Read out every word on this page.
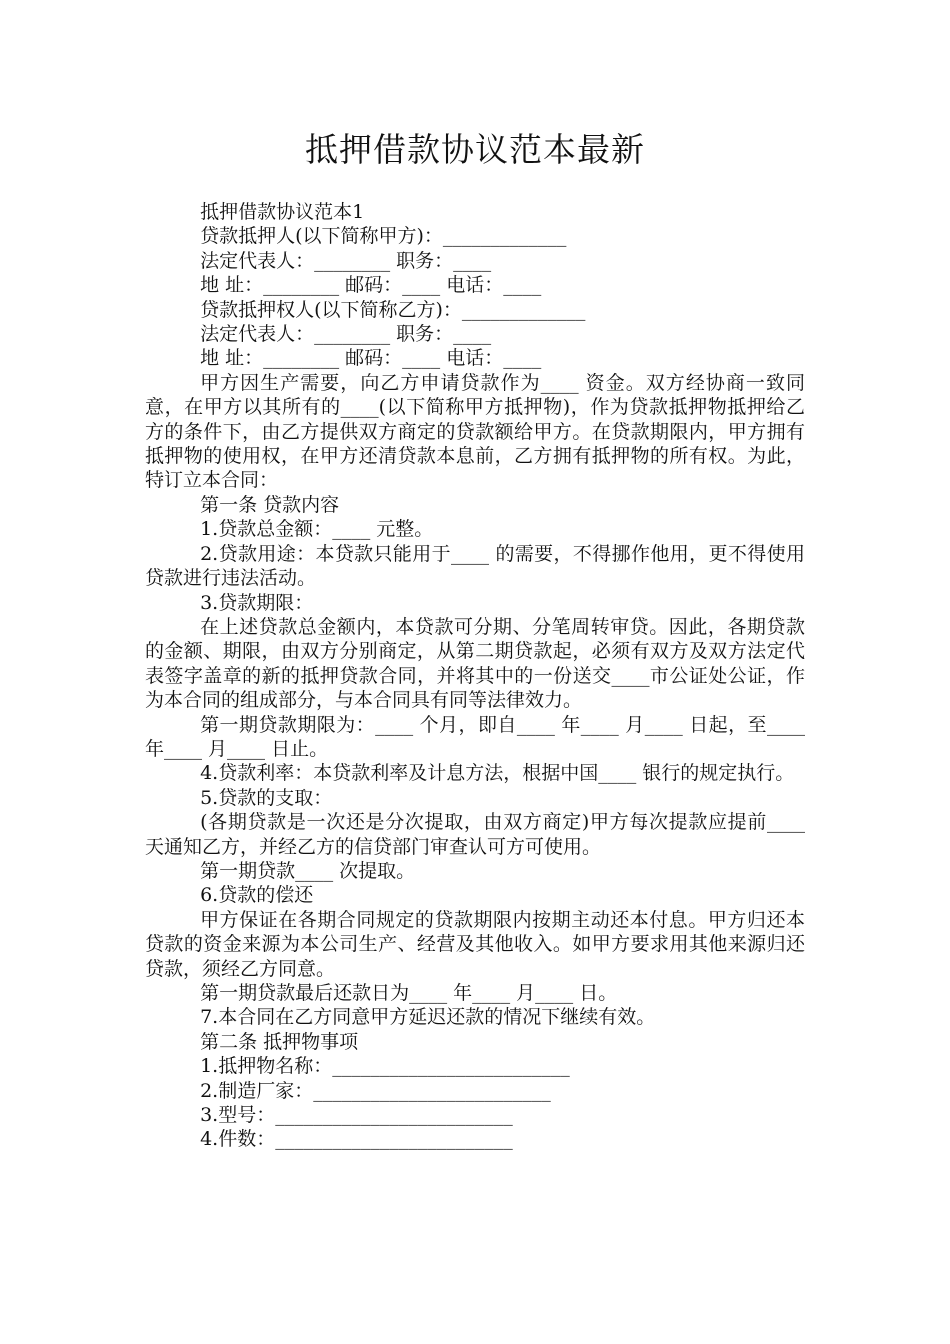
抵押借款协议范本最新

抵押借款协议范本1

贷款抵押人(以下简称甲方)：_____________

法定代表人：________ 职务：____

地 址：________ 邮码：____ 电话：____

贷款抵押权人(以下简称乙方)：_____________

法定代表人：________ 职务：____

地 址：________ 邮码：____ 电话：____

甲方因生产需要，向乙方申请贷款作为____ 资金。双方经协商一致同意，在甲方以其所有的____(以下简称甲方抵押物)，作为贷款抵押物抵押给乙方的条件下，由乙方提供双方商定的贷款额给甲方。在贷款期限内，甲方拥有抵押物的使用权，在甲方还清贷款本息前，乙方拥有抵押物的所有权。为此，特订立本合同：

第一条 贷款内容

1.贷款总金额：____ 元整。

2.贷款用途：本贷款只能用于____ 的需要，不得挪作他用，更不得使用贷款进行违法活动。

3.贷款期限：

在上述贷款总金额内，本贷款可分期、分笔周转审贷。因此，各期贷款的金额、期限，由双方分别商定，从第二期贷款起，必须有双方及双方法定代表签字盖章的新的抵押贷款合同，并将其中的一份送交____市公证处公证，作为本合同的组成部分，与本合同具有同等法律效力。

第一期贷款期限为：____ 个月，即自____ 年____ 月____ 日起，至____ 年____ 月____ 日止。

4.贷款利率：本贷款利率及计息方法，根据中国____ 银行的规定执行。

5.贷款的支取：

(各期贷款是一次还是分次提取，由双方商定)甲方每次提款应提前____ 天通知乙方，并经乙方的信贷部门审查认可方可使用。

第一期贷款____ 次提取。

6.贷款的偿还

甲方保证在各期合同规定的贷款期限内按期主动还本付息。甲方归还本贷款的资金来源为本公司生产、经营及其他收入。如甲方要求用其他来源归还贷款，须经乙方同意。

第一期贷款最后还款日为____ 年____ 月____ 日。

7.本合同在乙方同意甲方延迟还款的情况下继续有效。

第二条 抵押物事项

1.抵押物名称：_________________________

2.制造厂家：_________________________

3.型号：_________________________

4.件数：_________________________
